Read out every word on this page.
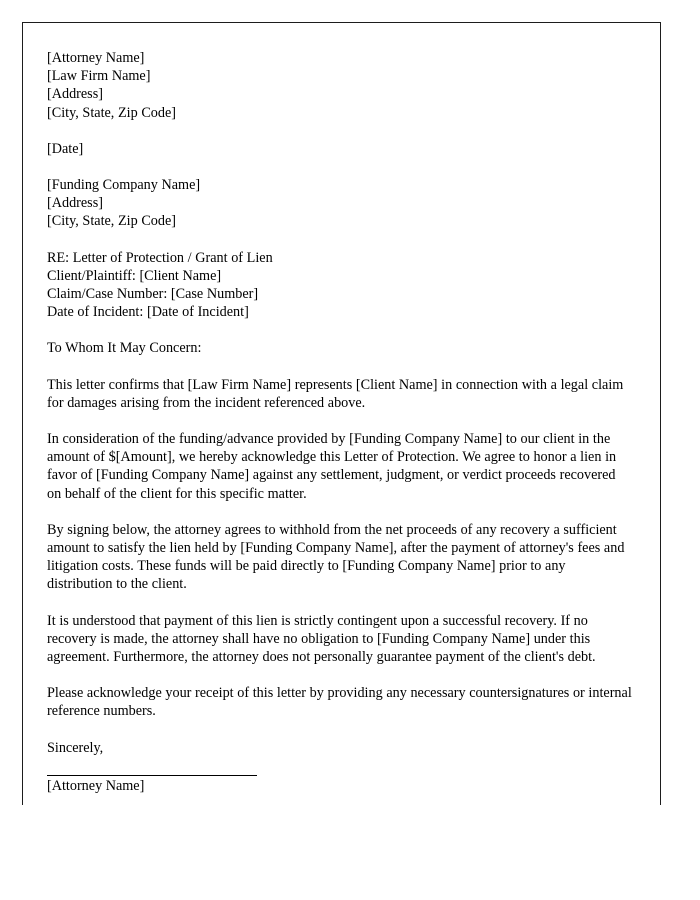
[Attorney Name]
[Law Firm Name]
[Address]
[City, State, Zip Code]
[Date]
[Funding Company Name]
[Address]
[City, State, Zip Code]
RE: Letter of Protection / Grant of Lien
Client/Plaintiff: [Client Name]
Claim/Case Number: [Case Number]
Date of Incident: [Date of Incident]
To Whom It May Concern:

This letter confirms that [Law Firm Name] represents [Client Name] in connection with a legal claim for damages arising from the incident referenced above.

In consideration of the funding/advance provided by [Funding Company Name] to our client in the amount of $[Amount], we hereby acknowledge this Letter of Protection. We agree to honor a lien in favor of [Funding Company Name] against any settlement, judgment, or verdict proceeds recovered on behalf of the client for this specific matter.

By signing below, the attorney agrees to withhold from the net proceeds of any recovery a sufficient amount to satisfy the lien held by [Funding Company Name], after the payment of attorney's fees and litigation costs. These funds will be paid directly to [Funding Company Name] prior to any distribution to the client.

It is understood that payment of this lien is strictly contingent upon a successful recovery. If no recovery is made, the attorney shall have no obligation to [Funding Company Name] under this agreement. Furthermore, the attorney does not personally guarantee payment of the client's debt.

Please acknowledge your receipt of this letter by providing any necessary countersignatures or internal reference numbers.

Sincerely,
[Attorney Name]
